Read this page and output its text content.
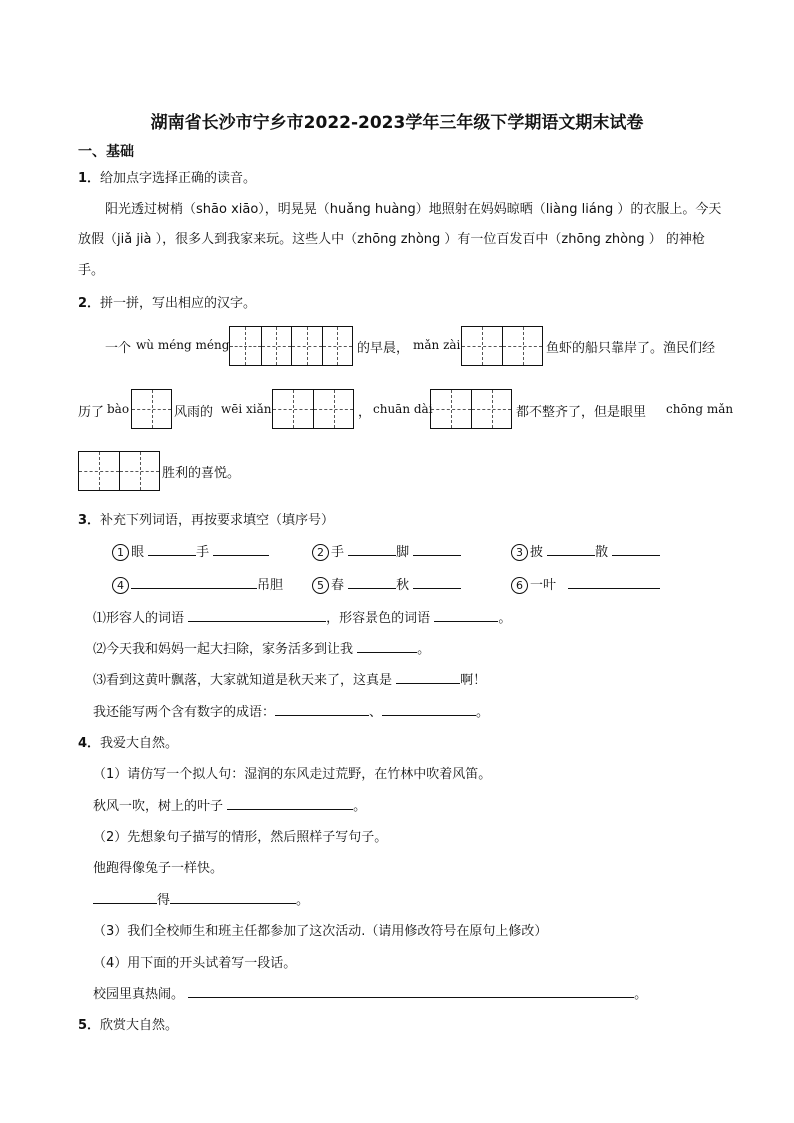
湖南省长沙市宁乡市2022-2023学年三年级下学期语文期末试卷
一、基础
1．给加点字选择正确的读音。
阳光透过树梢（shāo xiāo），明晃晃（huǎng huàng）地照射在妈妈晾晒（liàng liáng ）的衣服上。今天
放假（jiǎ jià ），很多人到我家来玩。这些人中（zhōng zhòng ）有一位百发百中（zhōng zhòng ） 的神枪
手。
2．拼一拼，写出相应的汉字。
一个 wù méng méng	的早晨， mǎn zài	鱼虾的船只靠岸了。渔民们经
历了 bào	风雨的 wēi xiǎn	， chuān dài	都不整齐了，但是眼里 chōng mǎn
胜利的喜悦。
3．补充下列词语，再按要求填空（填序号）
1 眼	手	2 手	脚	3 披	散
4	吊胆	5 春	秋	6 一叶
⑴形容人的词语	，形容景色的词语	。
⑵今天我和妈妈一起大扫除，家务活多到让我	。
⑶看到这黄叶飘落，大家就知道是秋天来了，这真是	啊！
我还能写两个含有数字的成语：	、	。
4．我爱大自然。
（1）请仿写一个拟人句：湿润的东风走过荒野，在竹林中吹着风笛。
秋风一吹，树上的叶子	。
（2）先想象句子描写的情形，然后照样子写句子。
他跑得像兔子一样快。
得	。
（3）我们全校师生和班主任都参加了这次活动.（请用修改符号在原句上修改）
（4）用下面的开头试着写一段话。
校园里真热闹。	。
5．欣赏大自然。
